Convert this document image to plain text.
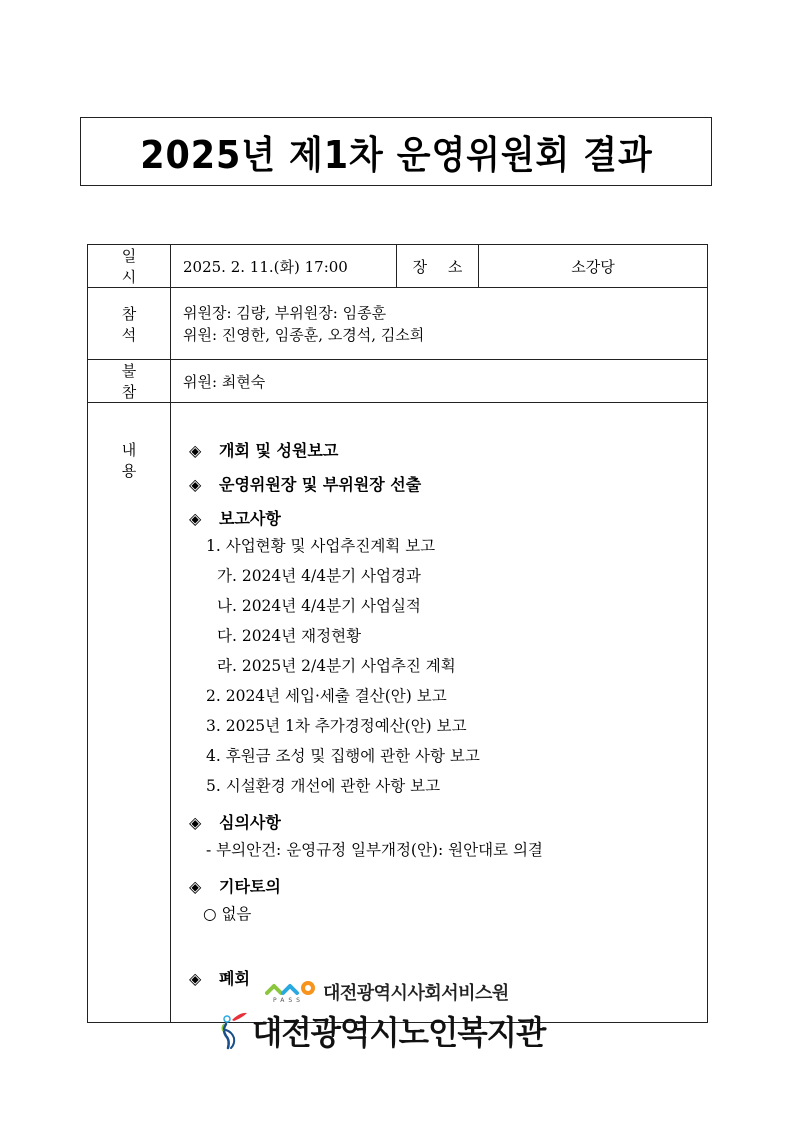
2025년 제1차 운영위원회 결과
일 시	2025. 2. 11.(화) 17:00	장 소	소강당
참 석	위원장: 김량, 부위원장: 임종훈
위원: 진영한, 임종훈, 오경석, 김소희		

불 참	위원: 최현숙		
내 용	
◈	개회 및 성원보고
◈	운영위원장 및 부위원장 선출
◈	보고사항
1. 사업현황 및 사업추진계획 보고
가. 2024년 4/4분기 사업경과
나. 2024년 4/4분기 사업실적
다. 2024년 재정현황
라. 2025년 2/4분기 사업추진 계획
2. 2024년 세입·세출 결산(안) 보고
3. 2025년 1차 추가경정예산(안) 보고
4. 후원금 조성 및 집행에 관한 사항 보고
5. 시설환경 개선에 관한 사항 보고
◈	심의사항
- 부의안건: 운영규정 일부개정(안): 원안대로 의결
◈	기타토의
○ 없음
◈	폐회
PASS 대전광역시사회서비스원
대전광역시노인복지관
